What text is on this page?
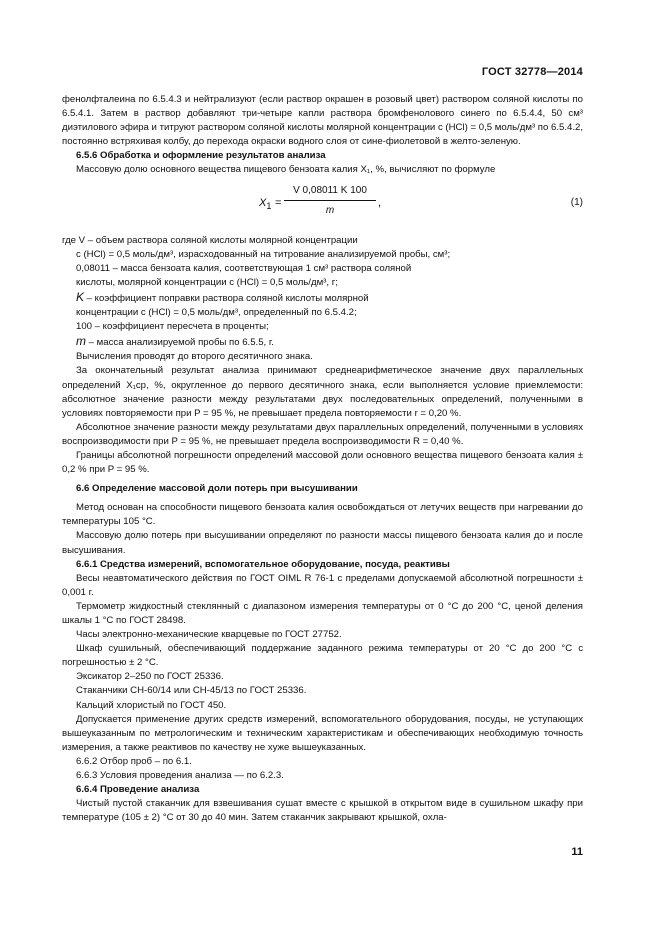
ГОСТ 32778—2014

фенолфталеина по 6.5.4.3 и нейтрализуют (если раствор окрашен в розовый цвет) раствором соляной кислоты по 6.5.4.1. Затем в раствор добавляют три-четыре капли раствора бромфенолового синего по 6.5.4.4, 50 см³ диэтилового эфира и титруют раствором соляной кислоты молярной концентрации c (HCl) = 0,5 моль/дм³ по 6.5.4.2, постоянно встряхивая колбу, до перехода окраски водного слоя от сине-фиолетовой в желто-зеленую.

6.5.6 Обработка и оформление результатов анализа

Массовую долю основного вещества пищевого бензоата калия X₁, %, вычисляют по формуле

$X_1 = \frac{V 0,08011 K 100}{m}$ ,	(1)

где V – объем раствора соляной кислоты молярной концентрации

c (HCl) = 0,5 моль/дм³, израсходованный на титрование анализируемой пробы, см³;

0,08011 – масса бензоата калия, соответствующая 1 см³ раствора соляной

кислоты, молярной концентрации c (HCl) = 0,5 моль/дм³, г;

K – коэффициент поправки раствора соляной кислоты молярной

концентрации c (HCl) = 0,5 моль/дм³, определенный по 6.5.4.2;

100 – коэффициент пересчета в проценты;

m – масса анализируемой пробы по 6.5.5, г.

Вычисления проводят до второго десятичного знака.

За окончательный результат анализа принимают среднеарифметическое значение двух параллельных определений X₁ср, %, округленное до первого десятичного знака, если выполняется условие приемлемости: абсолютное значение разности между результатами двух последовательных определений, полученными в условиях повторяемости при P = 95 %, не превышает предела повторяемости r = 0,20 %.

Абсолютное значение разности между результатами двух параллельных определений, полученными в условиях воспроизводимости при P = 95 %, не превышает предела воспроизводимости R = 0,40 %.

Границы абсолютной погрешности определений массовой доли основного вещества пищевого бензоата калия ± 0,2 % при P = 95 %.

6.6 Определение массовой доли потерь при высушивании

Метод основан на способности пищевого бензоата калия освобождаться от летучих веществ при нагревании до температуры 105 °С.

Массовую долю потерь при высушивании определяют по разности массы пищевого бензоата калия до и после высушивания.

6.6.1 Средства измерений, вспомогательное оборудование, посуда, реактивы

Весы неавтоматического действия по ГОСТ OIML R 76-1 с пределами допускаемой абсолютной погрешности ± 0,001 г.

Термометр жидкостный стеклянный с диапазоном измерения температуры от 0 °С до 200 °С, ценой деления шкалы 1 °С по ГОСТ 28498.

Часы электронно-механические кварцевые по ГОСТ 27752.

Шкаф сушильный, обеспечивающий поддержание заданного режима температуры от 20 °С до 200 °С с погрешностью ± 2 °С.

Эксикатор 2–250 по ГОСТ 25336.

Стаканчики СН-60/14 или СН-45/13 по ГОСТ 25336.

Кальций хлористый по ГОСТ 450.

Допускается применение других средств измерений, вспомогательного оборудования, посуды, не уступающих вышеуказанным по метрологическим и техническим характеристикам и обеспечивающих необходимую точность измерения, а также реактивов по качеству не хуже вышеуказанных.

6.6.2 Отбор проб – по 6.1.

6.6.3 Условия проведения анализа — по 6.2.3.

6.6.4 Проведение анализа

Чистый пустой стаканчик для взвешивания сушат вместе с крышкой в открытом виде в сушильном шкафу при температуре (105 ± 2) °С от 30 до 40 мин. Затем стаканчик закрывают крышкой, охла-

11
